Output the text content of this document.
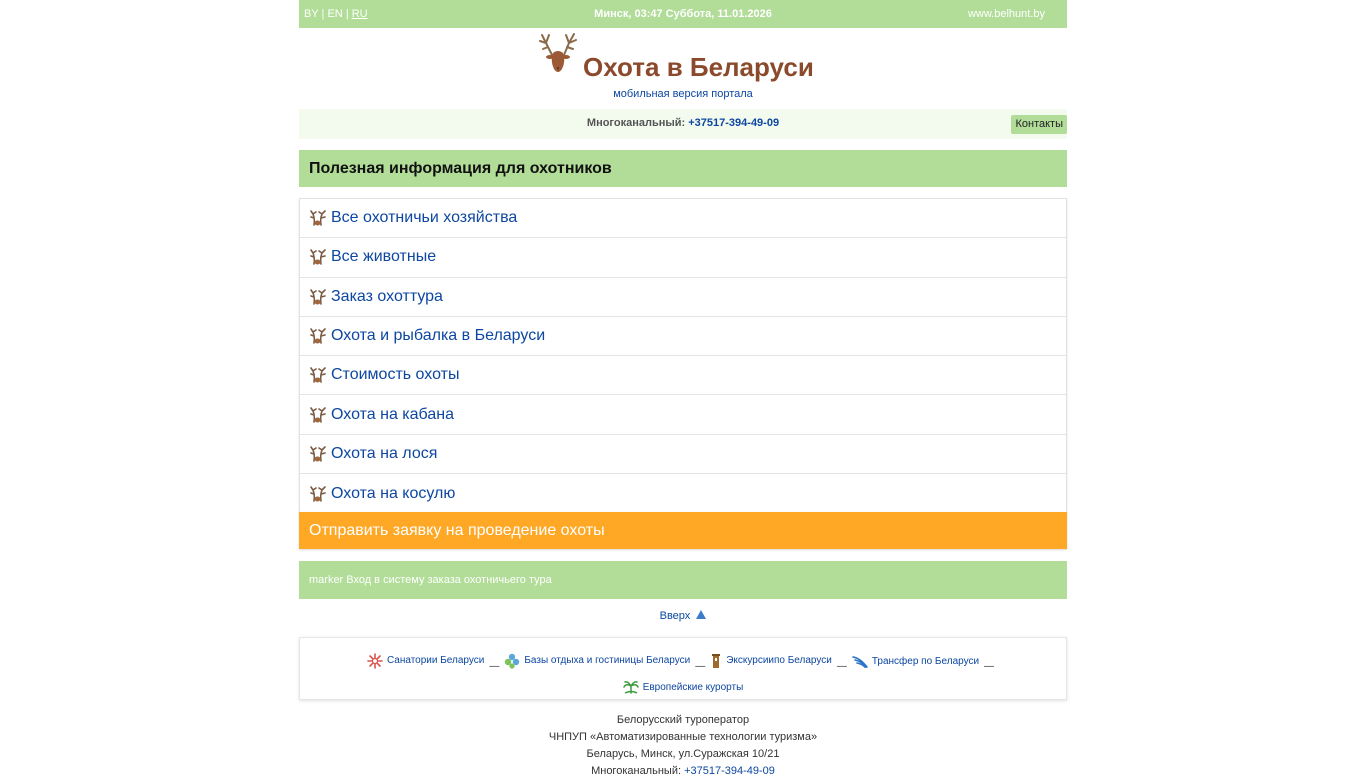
BY | EN | RU	Минск, 03:47 Суббота, 11.01.2026	www.belhunt.by
Охота в Беларуси
мобильная версия портала
Многоканальный: +37517-394-49-09	Контакты
Полезная информация для охотников
Все охотничьи хозяйства
Все животные
Заказ охоттура
Охота и рыбалка в Беларуси
Стоимость охоты
Охота на кабана
Охота на лося
Охота на косулю
Отправить заявку на проведение охоты
marker Вход в систему заказа охотничьего тура
Вверх
Санатории Беларуси —	Базы отдыха и гостиницы Беларуси — Экскурсиипо Беларуси —	Трансфер по Беларуси —

Европейские курорты
Белорусский туроператор
ЧНПУП «Автоматизированные технологии туризма»
Беларусь, Минск, ул.Суражская 10/21
Многоканальный: +37517-394-49-09
